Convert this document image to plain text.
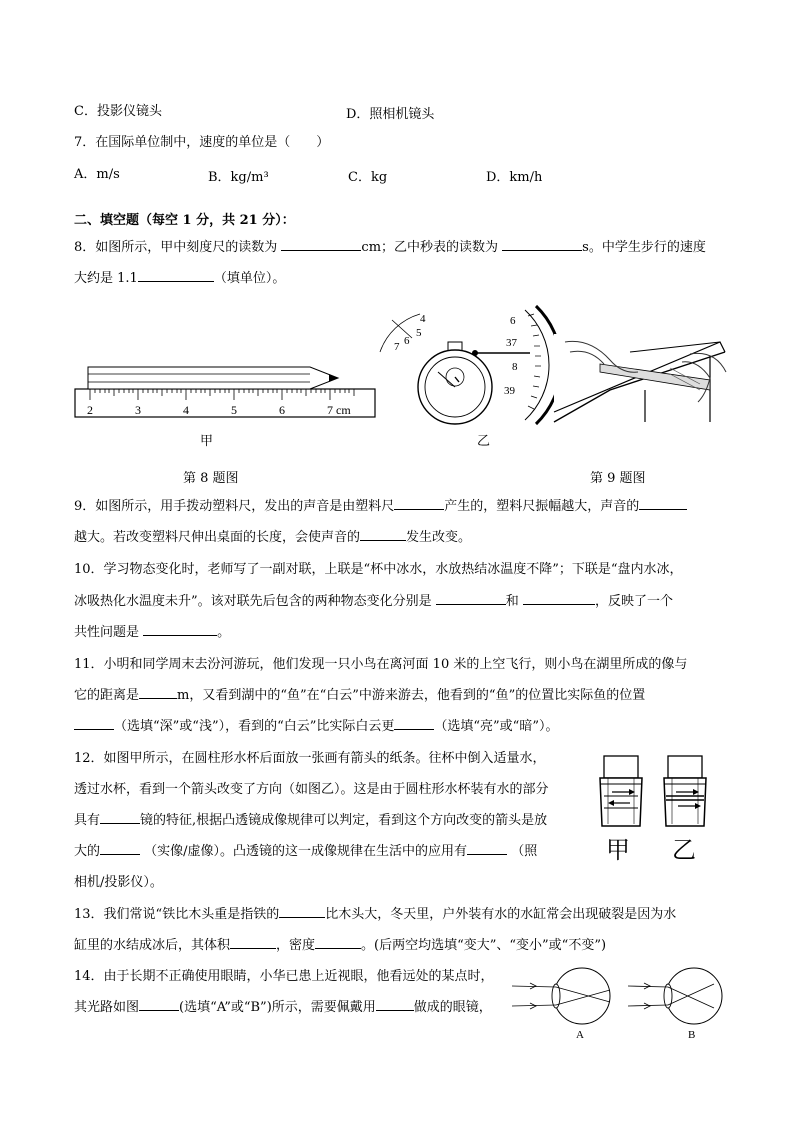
C．投影仪镜头	D．照相机镜头
7．在国际单位制中，速度的单位是（　　）
A．m/s	B．kg/m³	C．kg	D．km/h
二、填空题（每空 1 分，共 21 分）：
8．如图所示，甲中刻度尺的读数为	cm；乙中秒表的读数为	s。中学生步行的速度
大约是 1.1	（填单位）。
2	3	4	5	6	7 cm
甲
4
5
6
7
6
37
8
39
乙
第 8 题图	第 9 题图
9．如图所示，用手拨动塑料尺，发出的声音是由塑料尺	产生的，塑料尺振幅越大，声音的
越大。若改变塑料尺伸出桌面的长度，会使声音的	发生改变。
10．学习物态变化时，老师写了一副对联，上联是“杯中冰水，水放热结冰温度不降”；下联是“盘内水冰，
冰吸热化水温度未升”。该对联先后包含的两种物态变化分别是	和	，反映了一个
共性问题是	。
11．小明和同学周末去汾河游玩，他们发现一只小鸟在离河面 10 米的上空飞行，则小鸟在湖里所成的像与
它的距离是	m，又看到湖中的“鱼”在“白云”中游来游去，他看到的“鱼”的位置比实际鱼的位置
（选填“深”或“浅”），看到的“白云”比实际白云更	（选填“亮”或“暗”）。
12．如图甲所示，在圆柱形水杯后面放一张画有箭头的纸条。往杯中倒入适量水，
透过水杯，看到一个箭头改变了方向（如图乙）。这是由于圆柱形水杯装有水的部分
具有	镜的特征,根据凸透镜成像规律可以判定，看到这个方向改变的箭头是放
大的	（实像/虚像）。凸透镜的这一成像规律在生活中的应用有	（照
相机/投影仪）。
甲 乙
13．我们常说“铁比木头重是指铁的	比木头大，冬天里，户外装有水的水缸常会出现破裂是因为水
缸里的水结成冰后，其体积	，密度	。(后两空均选填“变大”、“变小”或“不变”)
14．由于长期不正确使用眼睛，小华已患上近视眼，他看远处的某点时，
其光路如图	(选填“A”或“B”)所示，需要佩戴用	做成的眼镜，
A	B
